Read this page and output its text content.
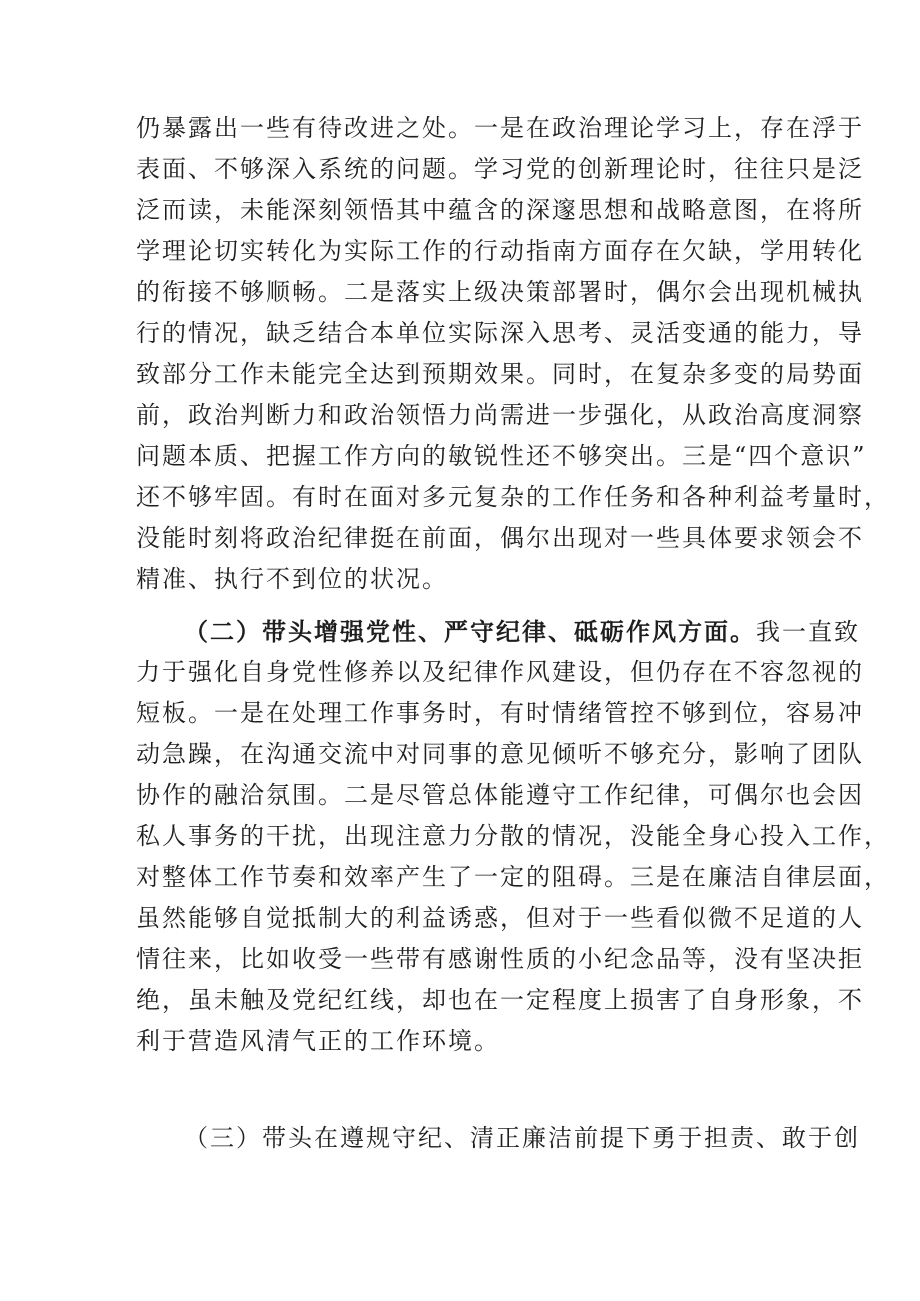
仍暴露出一些有待改进之处。一是在政治理论学习上，存在浮于
表面、不够深入系统的问题。学习党的创新理论时，往往只是泛
泛而读，未能深刻领悟其中蕴含的深邃思想和战略意图，在将所
学理论切实转化为实际工作的行动指南方面存在欠缺，学用转化
的衔接不够顺畅。二是落实上级决策部署时，偶尔会出现机械执
行的情况，缺乏结合本单位实际深入思考、灵活变通的能力，导
致部分工作未能完全达到预期效果。同时，在复杂多变的局势面
前，政治判断力和政治领悟力尚需进一步强化，从政治高度洞察
问题本质、把握工作方向的敏锐性还不够突出。三是“四个意识”
还不够牢固。有时在面对多元复杂的工作任务和各种利益考量时，
没能时刻将政治纪律挺在前面，偶尔出现对一些具体要求领会不
精准、执行不到位的状况。
（二）带头增强党性、严守纪律、砥砺作风方面。我一直致
力于强化自身党性修养以及纪律作风建设，但仍存在不容忽视的
短板。一是在处理工作事务时，有时情绪管控不够到位，容易冲
动急躁，在沟通交流中对同事的意见倾听不够充分，影响了团队
协作的融洽氛围。二是尽管总体能遵守工作纪律，可偶尔也会因
私人事务的干扰，出现注意力分散的情况，没能全身心投入工作，
对整体工作节奏和效率产生了一定的阻碍。三是在廉洁自律层面，
虽然能够自觉抵制大的利益诱惑，但对于一些看似微不足道的人
情往来，比如收受一些带有感谢性质的小纪念品等，没有坚决拒
绝，虽未触及党纪红线，却也在一定程度上损害了自身形象，不
利于营造风清气正的工作环境。
（三）带头在遵规守纪、清正廉洁前提下勇于担责、敢于创
